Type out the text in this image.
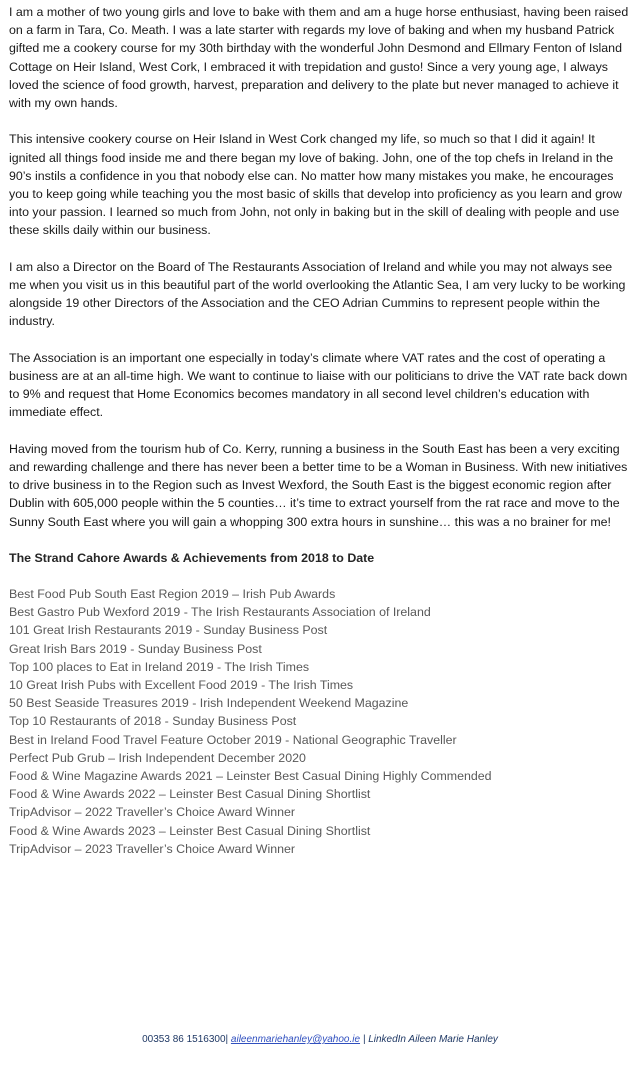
I am a mother of two young girls and love to bake with them and am a huge horse enthusiast, having been raised on a farm in Tara, Co. Meath. I was a late starter with regards my love of baking and when my husband Patrick gifted me a cookery course for my 30th birthday with the wonderful John Desmond and Ellmary Fenton of Island Cottage on Heir Island, West Cork, I embraced it with trepidation and gusto! Since a very young age, I always loved the science of food growth, harvest, preparation and delivery to the plate but never managed to achieve it with my own hands.

This intensive cookery course on Heir Island in West Cork changed my life, so much so that I did it again! It ignited all things food inside me and there began my love of baking. John, one of the top chefs in Ireland in the 90’s instils a confidence in you that nobody else can. No matter how many mistakes you make, he encourages you to keep going while teaching you the most basic of skills that develop into proficiency as you learn and grow into your passion. I learned so much from John, not only in baking but in the skill of dealing with people and use these skills daily within our business.

I am also a Director on the Board of The Restaurants Association of Ireland and while you may not always see me when you visit us in this beautiful part of the world overlooking the Atlantic Sea, I am very lucky to be working alongside 19 other Directors of the Association and the CEO Adrian Cummins to represent people within the industry.

The Association is an important one especially in today’s climate where VAT rates and the cost of operating a business are at an all-time high. We want to continue to liaise with our politicians to drive the VAT rate back down to 9% and request that Home Economics becomes mandatory in all second level children’s education with immediate effect.

Having moved from the tourism hub of Co. Kerry, running a business in the South East has been a very exciting and rewarding challenge and there has never been a better time to be a Woman in Business. With new initiatives to drive business in to the Region such as Invest Wexford, the South East is the biggest economic region after Dublin with 605,000 people within the 5 counties… it’s time to extract yourself from the rat race and move to the Sunny South East where you will gain a whopping 300 extra hours in sunshine… this was a no brainer for me!

The Strand Cahore Awards & Achievements from 2018 to Date
Best Food Pub South East Region 2019 – Irish Pub Awards
Best Gastro Pub Wexford 2019 - The Irish Restaurants Association of Ireland
101 Great Irish Restaurants 2019 - Sunday Business Post
Great Irish Bars 2019 - Sunday Business Post
Top 100 places to Eat in Ireland 2019 - The Irish Times
10 Great Irish Pubs with Excellent Food 2019 - The Irish Times
50 Best Seaside Treasures 2019 - Irish Independent Weekend Magazine
Top 10 Restaurants of 2018 - Sunday Business Post
Best in Ireland Food Travel Feature October 2019 - National Geographic Traveller
Perfect Pub Grub – Irish Independent December 2020
Food & Wine Magazine Awards 2021 – Leinster Best Casual Dining Highly Commended
Food & Wine Awards 2022 – Leinster Best Casual Dining Shortlist
TripAdvisor – 2022 Traveller’s Choice Award Winner
Food & Wine Awards 2023 – Leinster Best Casual Dining Shortlist
TripAdvisor – 2023 Traveller’s Choice Award Winner
00353 86 1516300| aileenmariehanley@yahoo.ie | LinkedIn Aileen Marie Hanley
